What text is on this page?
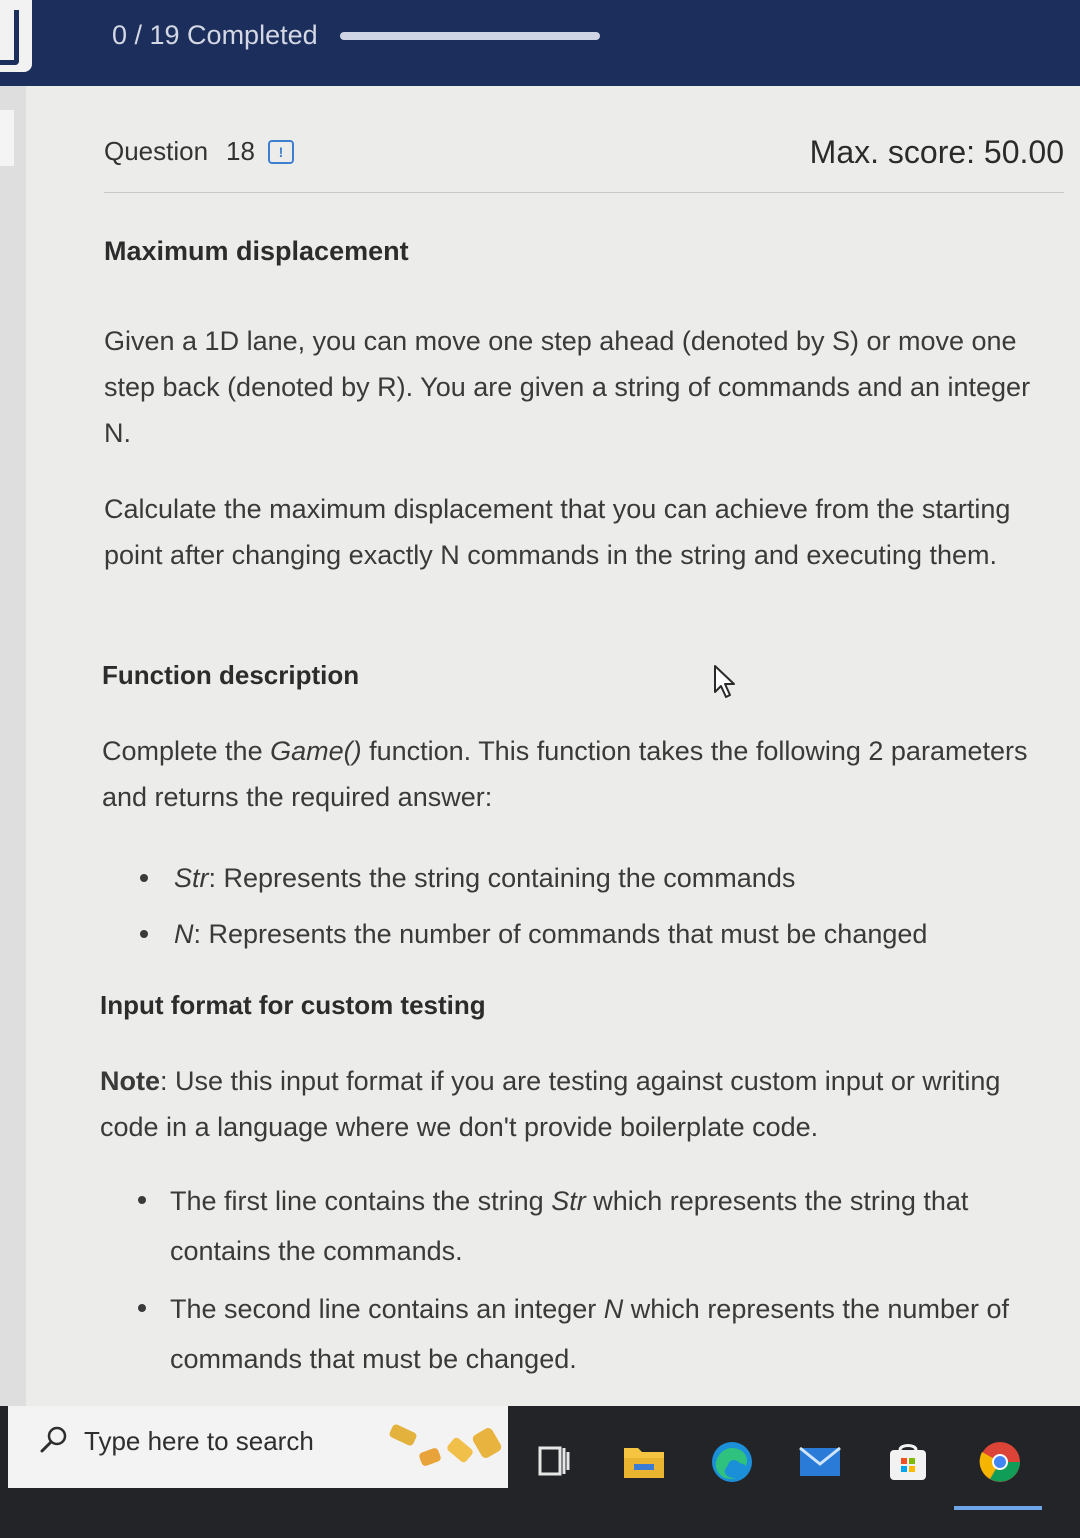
0 / 19 Completed
Question 18	!	Max. score: 50.00
Maximum displacement
Given a 1D lane, you can move one step ahead (denoted by S) or move one step back (denoted by R). You are given a string of commands and an integer N.
Calculate the maximum displacement that you can achieve from the starting point after changing exactly N commands in the string and executing them.
Function description
Complete the Game() function. This function takes the following 2 parameters and returns the required answer:
Str: Represents the string containing the commands
N: Represents the number of commands that must be changed
Input format for custom testing
Note: Use this input format if you are testing against custom input or writing code in a language where we don't provide boilerplate code.
The first line contains the string Str which represents the string that contains the commands.
The second line contains an integer N which represents the number of commands that must be changed.
Type here to search
